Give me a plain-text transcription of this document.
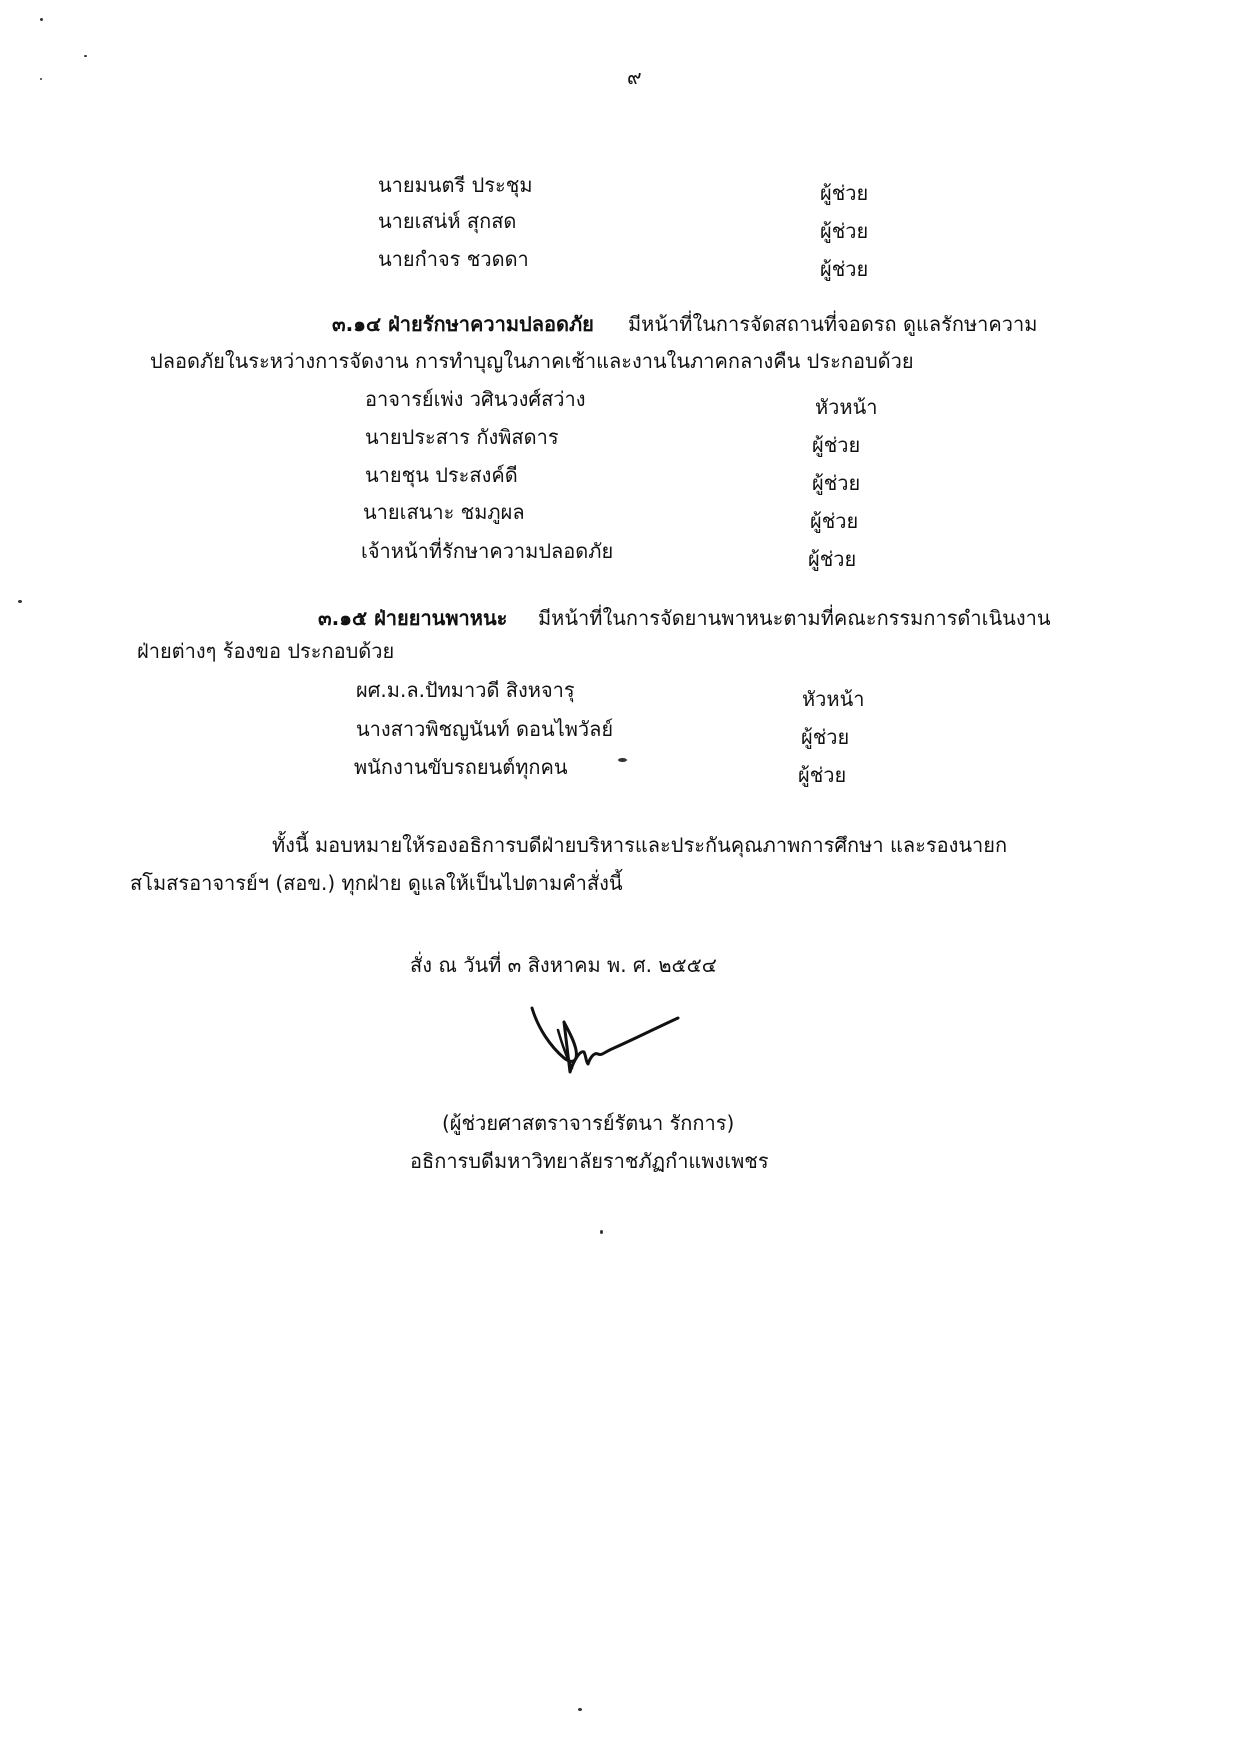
๙
นายมนตรี ประชุม	ผู้ช่วย
นายเสน่ห์ สุกสด	ผู้ช่วย
นายกำจร ชวดดา	ผู้ช่วย
๓.๑๔ ฝ่ายรักษาความปลอดภัย มีหน้าที่ในการจัดสถานที่จอดรถ ดูแลรักษาความ
ปลอดภัยในระหว่างการจัดงาน การทำบุญในภาคเช้าและงานในภาคกลางคืน ประกอบด้วย
อาจารย์เพ่ง วศินวงศ์สว่าง	หัวหน้า
นายประสาร กังพิสดาร	ผู้ช่วย
นายชุน ประสงค์ดี	ผู้ช่วย
นายเสนาะ ชมภูผล	ผู้ช่วย
เจ้าหน้าที่รักษาความปลอดภัย	ผู้ช่วย
๓.๑๕ ฝ่ายยานพาหนะ มีหน้าที่ในการจัดยานพาหนะตามที่คณะกรรมการดำเนินงาน
ฝ่ายต่างๆ ร้องขอ ประกอบด้วย
ผศ.ม.ล.ปัทมาวดี สิงหจารุ	หัวหน้า
นางสาวพิชญนันท์ ดอนไพวัลย์	ผู้ช่วย
พนักงานขับรถยนต์ทุกคน	ผู้ช่วย
ทั้งนี้ มอบหมายให้รองอธิการบดีฝ่ายบริหารและประกันคุณภาพการศึกษา และรองนายก
สโมสรอาจารย์ฯ (สอข.) ทุกฝ่าย ดูแลให้เป็นไปตามคำสั่งนี้
สั่ง ณ วันที่ ๓ สิงหาคม พ. ศ. ๒๕๕๔
(ผู้ช่วยศาสตราจารย์รัตนา รักการ)
อธิการบดีมหาวิทยาลัยราชภัฏกำแพงเพชร
